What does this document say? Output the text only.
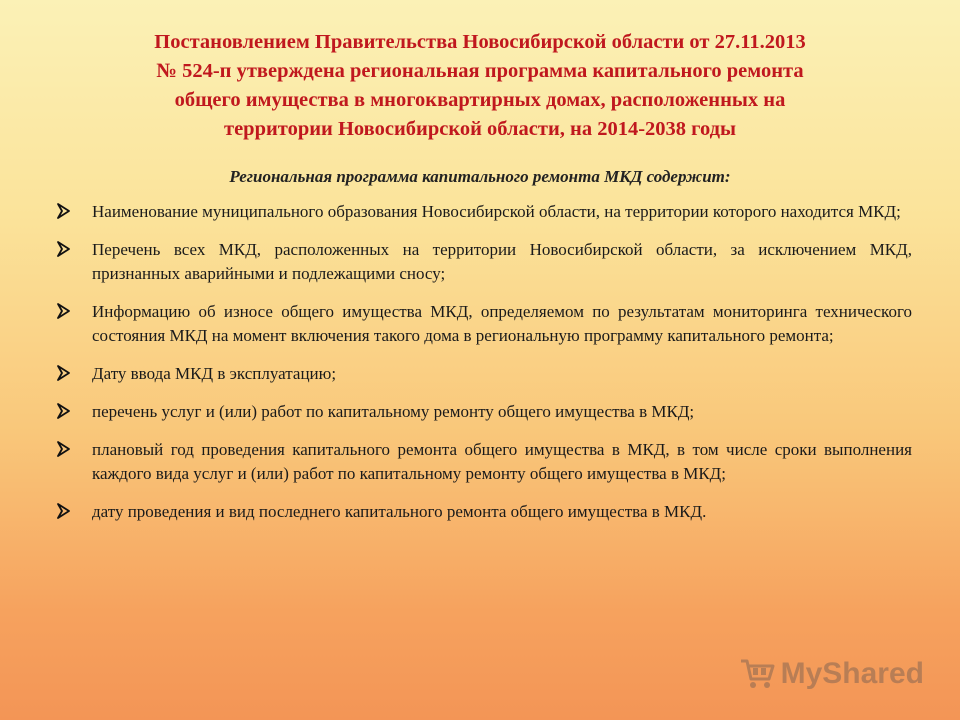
Постановлением Правительства Новосибирской области от 27.11.2013
№ 524-п утверждена региональная программа капитального ремонта
общего имущества в многоквартирных домах, расположенных на
территории Новосибирской области, на 2014-2038 годы
Региональная программа капитального ремонта МКД содержит:
Наименование муниципального образования Новосибирской области, на территории которого находится МКД;
Перечень всех МКД, расположенных на территории Новосибирской области, за исключением МКД, признанных аварийными и подлежащими сносу;
Информацию об износе общего имущества МКД, определяемом по результатам мониторинга технического состояния МКД на момент включения такого дома в региональную программу капитального ремонта;
Дату ввода МКД в эксплуатацию;
перечень услуг и (или) работ по капитальному ремонту общего имущества в МКД;
плановый год проведения капитального ремонта общего имущества в МКД, в том числе сроки выполнения каждого вида услуг и (или) работ по капитальному ремонту общего имущества в МКД;
дату проведения и вид последнего капитального ремонта общего имущества в МКД.
MyShared
